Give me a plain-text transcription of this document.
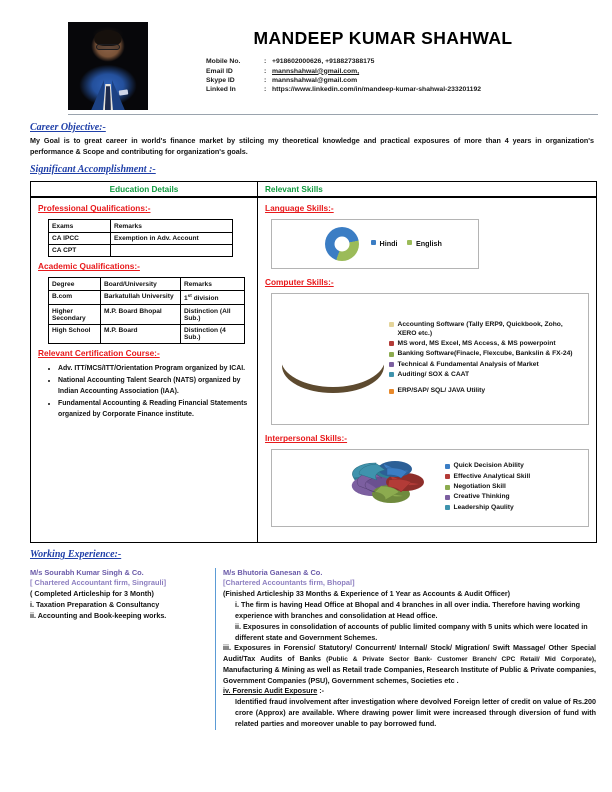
MANDEEP KUMAR SHAHWAL
Mobile No.	:	+918602000626, +918827388175
Email ID	:	mannshahwal@gmail.com,
Skype ID	:	mannshahwal@gmail.com
Linked In	:	https://www.linkedin.com/in/mandeep-kumar-shahwal-233201192
Career Objective:-
My Goal is to great career in world's finance market by stilcing my theoretical knowledge and practical exposures of more than 4 years in organization's performance & Scope and contributing for organization's goals.
Significant Accomplishment :-
Education Details	Relevant Skills

Professional Qualifications:-
Exams	Remarks
CA IPCC	Exemption in Adv. Account
CA CPT	
Academic Qualifications:-
Degree	Board/University	Remarks
B.com	Barkatullah University	1st division
Higher Secondary	M.P. Board Bhopal	Distinction (All Sub.)
High School	M.P. Board	Distinction (4 Sub.)
Relevant Certification Course:-
• Adv. ITT/MCS/ITT/Orientation Program organized by ICAI.
• National Accounting Talent Search (NATS) organized by Indian Accounting Association (IAA).
• Fundamental Accounting & Reading Financial Statements organized by Corporate Finance institute.

Language Skills:-
Hindi	English
Computer Skills:-
Accounting Software (Tally ERP9, Quickbook, Zoho, XERO etc.)
MS word, MS Excel, MS Access, & MS powerpoint
Banking Software(Finacle, Flexcube, Bankslin & FX-24)
Technical & Fundamental Analysis of Market
Auditing/ SOX & CAAT
ERP/SAP/ SQL/ JAVA Utility
Interpersonal Skills:-
Quick Decision Ability
Effective Analytical Skill
Negotiation Skill
Creative Thinking
Leadership Qaulity
Working Experience:-
M/s Sourabh Kumar Singh & Co.
[ Chartered Accountant firm, Singrauli]
( Completed Articleship for 3 Month)
i. Taxation Preparation & Consultancy
ii. Accounting and Book-keeping works.
M/s Bhutoria Ganesan & Co.
[Chartered Accountants firm, Bhopal]
(Finished Articleship 33 Months & Experience of 1 Year as Accounts & Audit Officer)
i. The firm is having Head Office at Bhopal and 4 branches in all over india. Therefore having working experience with branches and consolidation at Head office.
ii. Exposures in consolidation of accounts of public limited company with 5 units which were located in different state and Government Schemes.
iii. Exposures in Forensic/ Statutory/ Concurrent/ Internal/ Stock/ Migration/ Swift Massage/ Other Special Audit/Tax Audits of Banks (Public & Private Sector Bank- Customer Branch/ CPC Retail/ Mid Corporate), Manufacturing & Mining as well as Retail trade Companies, Research Institute of Public & Private companies, Government Companies (PSU), Government schemes, Societies etc .
iv. Forensic Audit Exposure :-
Identified fraud involvement after investigation where devolved Foreign letter of credit on value of Rs.200 crore (Approx) are available. Where drawing power limit were increased through diversion of fund with related parties and moreover unable to pay borrowed fund.
